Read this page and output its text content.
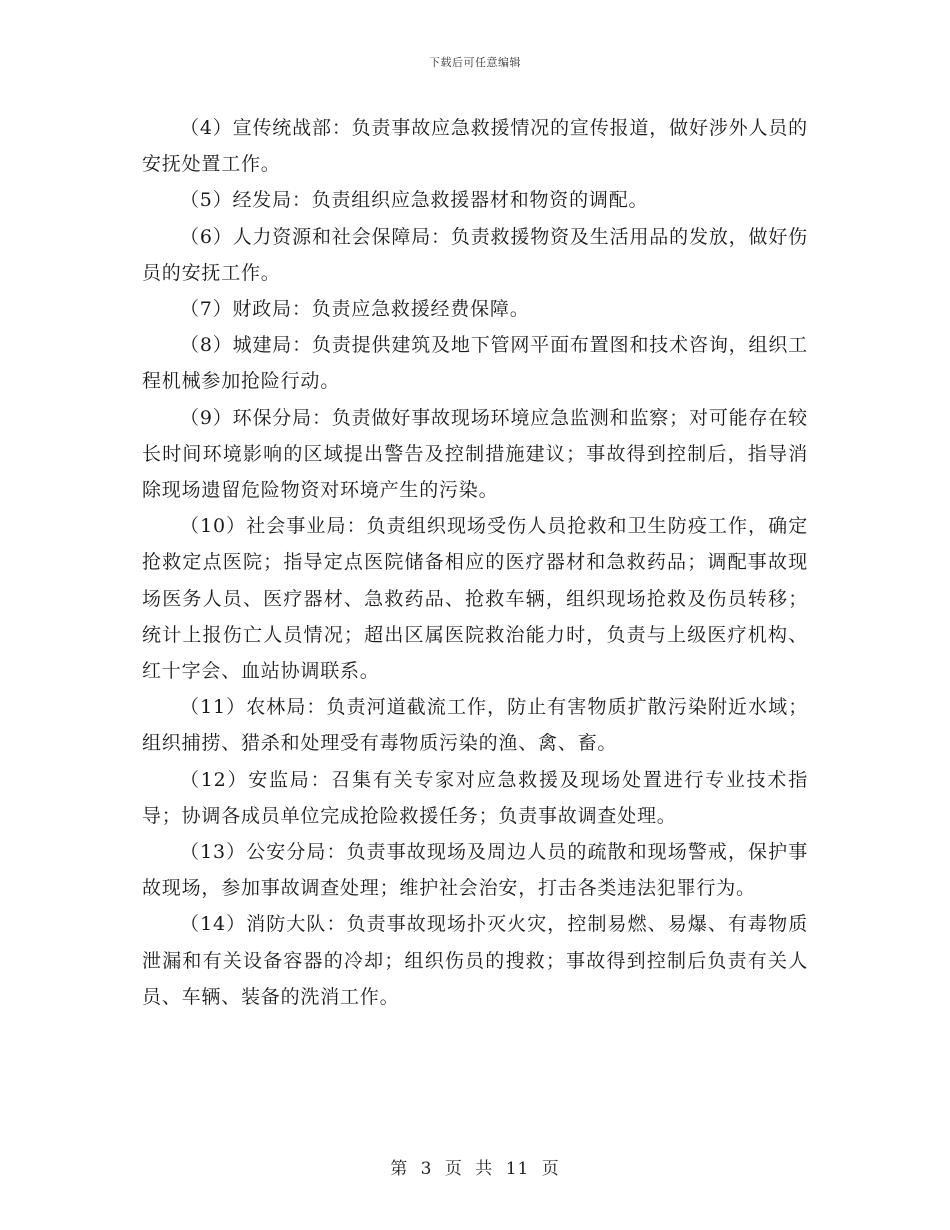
下载后可任意编辑

（4）宣传统战部：负责事故应急救援情况的宣传报道，做好涉外人员的安抚处置工作。

（5）经发局：负责组织应急救援器材和物资的调配。

（6）人力资源和社会保障局：负责救援物资及生活用品的发放，做好伤员的安抚工作。

（7）财政局：负责应急救援经费保障。

（8）城建局：负责提供建筑及地下管网平面布置图和技术咨询，组织工程机械参加抢险行动。

（9）环保分局：负责做好事故现场环境应急监测和监察；对可能存在较长时间环境影响的区域提出警告及控制措施建议；事故得到控制后，指导消除现场遗留危险物资对环境产生的污染。

（10）社会事业局：负责组织现场受伤人员抢救和卫生防疫工作，确定抢救定点医院；指导定点医院储备相应的医疗器材和急救药品；调配事故现场医务人员、医疗器材、急救药品、抢救车辆，组织现场抢救及伤员转移；统计上报伤亡人员情况；超出区属医院救治能力时，负责与上级医疗机构、红十字会、血站协调联系。

（11）农林局：负责河道截流工作，防止有害物质扩散污染附近水域；组织捕捞、猎杀和处理受有毒物质污染的渔、禽、畜。

（12）安监局：召集有关专家对应急救援及现场处置进行专业技术指导；协调各成员单位完成抢险救援任务；负责事故调查处理。

（13）公安分局：负责事故现场及周边人员的疏散和现场警戒，保护事故现场，参加事故调查处理；维护社会治安，打击各类违法犯罪行为。

（14）消防大队：负责事故现场扑灭火灾，控制易燃、易爆、有毒物质泄漏和有关设备容器的冷却；组织伤员的搜救；事故得到控制后负责有关人员、车辆、装备的洗消工作。

第 3 页 共 11 页
